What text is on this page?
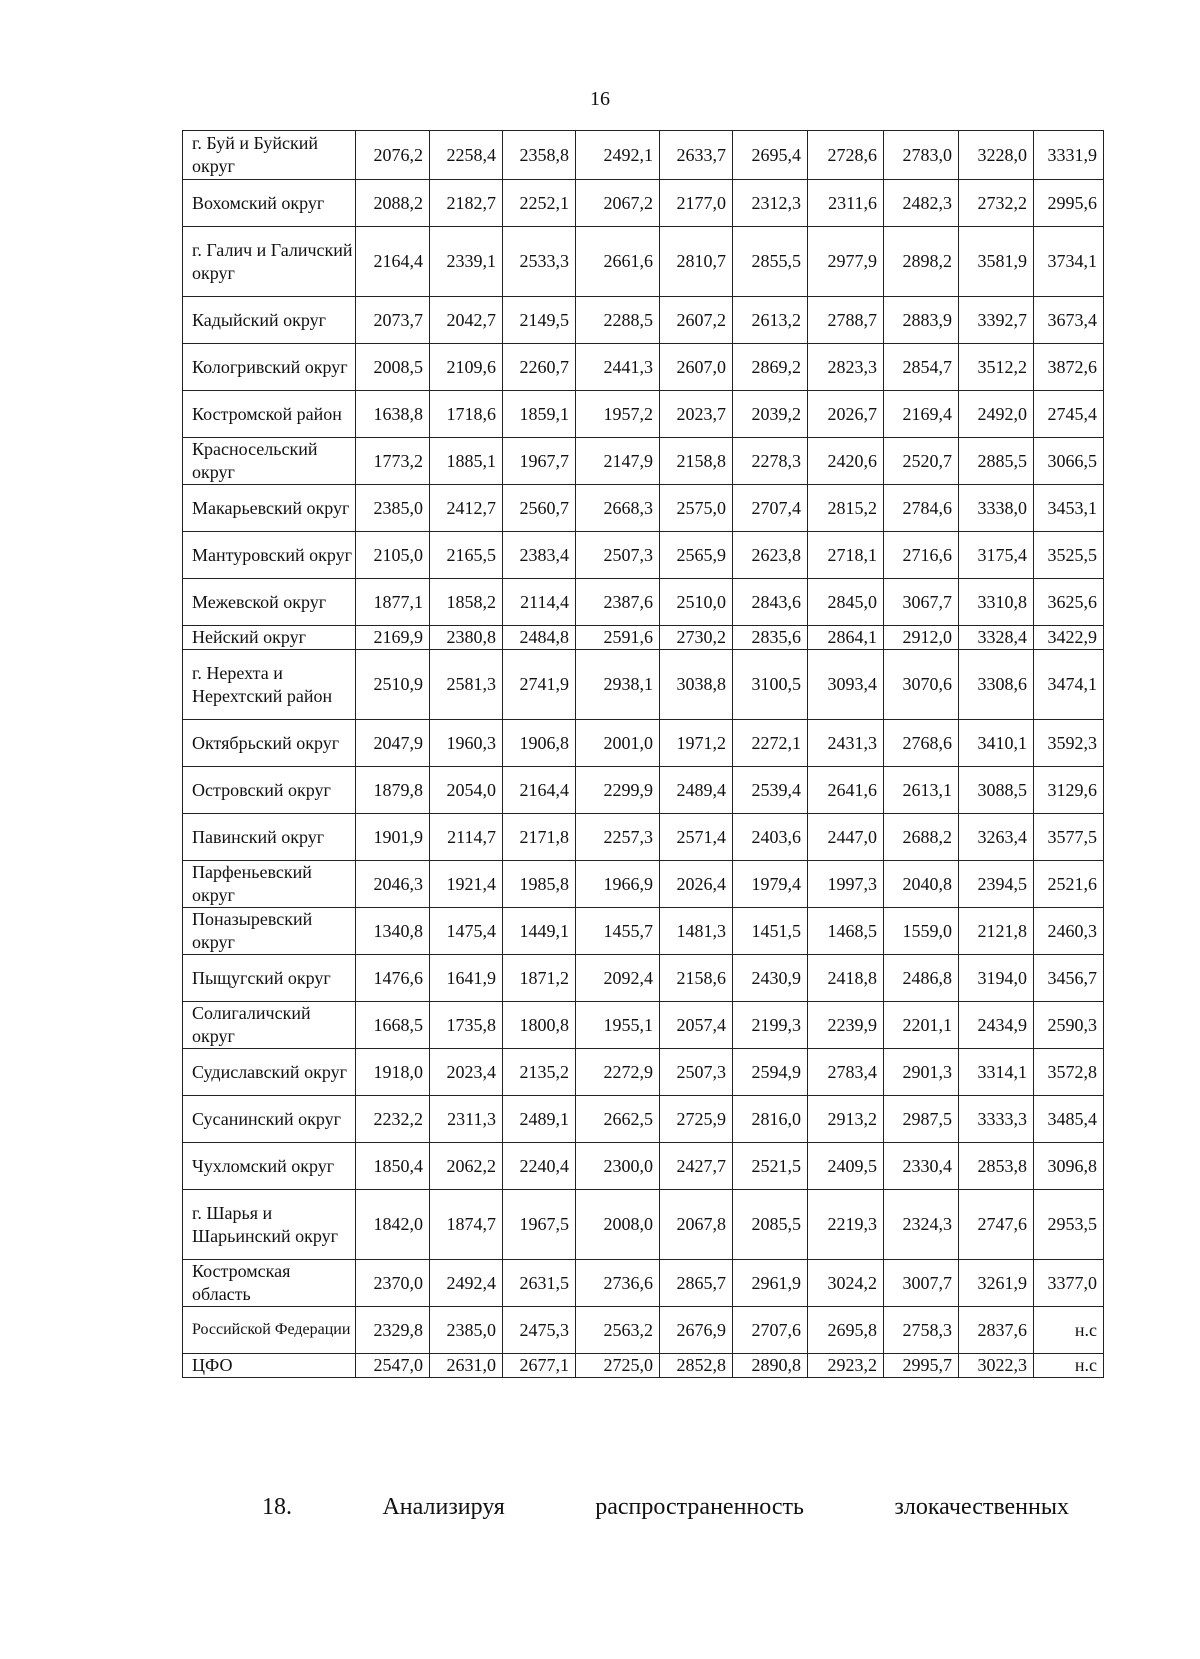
16
г. Буй и Буйский округ	2076,2	2258,4	2358,8	2492,1	2633,7	2695,4	2728,6	2783,0	3228,0	3331,9
Вохомский округ	2088,2	2182,7	2252,1	2067,2	2177,0	2312,3	2311,6	2482,3	2732,2	2995,6
г. Галич и Галичский округ	2164,4	2339,1	2533,3	2661,6	2810,7	2855,5	2977,9	2898,2	3581,9	3734,1
Кадыйский округ	2073,7	2042,7	2149,5	2288,5	2607,2	2613,2	2788,7	2883,9	3392,7	3673,4
Кологривский округ	2008,5	2109,6	2260,7	2441,3	2607,0	2869,2	2823,3	2854,7	3512,2	3872,6
Костромской район	1638,8	1718,6	1859,1	1957,2	2023,7	2039,2	2026,7	2169,4	2492,0	2745,4
Красносельский округ	1773,2	1885,1	1967,7	2147,9	2158,8	2278,3	2420,6	2520,7	2885,5	3066,5
Макарьевский округ	2385,0	2412,7	2560,7	2668,3	2575,0	2707,4	2815,2	2784,6	3338,0	3453,1
Мантуровский округ	2105,0	2165,5	2383,4	2507,3	2565,9	2623,8	2718,1	2716,6	3175,4	3525,5
Межевской округ	1877,1	1858,2	2114,4	2387,6	2510,0	2843,6	2845,0	3067,7	3310,8	3625,6
Нейский округ	2169,9	2380,8	2484,8	2591,6	2730,2	2835,6	2864,1	2912,0	3328,4	3422,9
г. Нерехта и Нерехтский район	2510,9	2581,3	2741,9	2938,1	3038,8	3100,5	3093,4	3070,6	3308,6	3474,1
Октябрьский округ	2047,9	1960,3	1906,8	2001,0	1971,2	2272,1	2431,3	2768,6	3410,1	3592,3
Островский округ	1879,8	2054,0	2164,4	2299,9	2489,4	2539,4	2641,6	2613,1	3088,5	3129,6
Павинский округ	1901,9	2114,7	2171,8	2257,3	2571,4	2403,6	2447,0	2688,2	3263,4	3577,5
Парфеньевский округ	2046,3	1921,4	1985,8	1966,9	2026,4	1979,4	1997,3	2040,8	2394,5	2521,6
Поназыревский округ	1340,8	1475,4	1449,1	1455,7	1481,3	1451,5	1468,5	1559,0	2121,8	2460,3
Пыщугский округ	1476,6	1641,9	1871,2	2092,4	2158,6	2430,9	2418,8	2486,8	3194,0	3456,7
Солигаличский округ	1668,5	1735,8	1800,8	1955,1	2057,4	2199,3	2239,9	2201,1	2434,9	2590,3
Судиславский округ	1918,0	2023,4	2135,2	2272,9	2507,3	2594,9	2783,4	2901,3	3314,1	3572,8
Сусанинский округ	2232,2	2311,3	2489,1	2662,5	2725,9	2816,0	2913,2	2987,5	3333,3	3485,4
Чухломский округ	1850,4	2062,2	2240,4	2300,0	2427,7	2521,5	2409,5	2330,4	2853,8	3096,8
г. Шарья и Шарьинский округ	1842,0	1874,7	1967,5	2008,0	2067,8	2085,5	2219,3	2324,3	2747,6	2953,5
Костромская область	2370,0	2492,4	2631,5	2736,6	2865,7	2961,9	3024,2	3007,7	3261,9	3377,0
Российской Федерации	2329,8	2385,0	2475,3	2563,2	2676,9	2707,6	2695,8	2758,3	2837,6	н.с
ЦФО	2547,0	2631,0	2677,1	2725,0	2852,8	2890,8	2923,2	2995,7	3022,3	н.с
18.	Анализируя	распространенность	злокачественных
